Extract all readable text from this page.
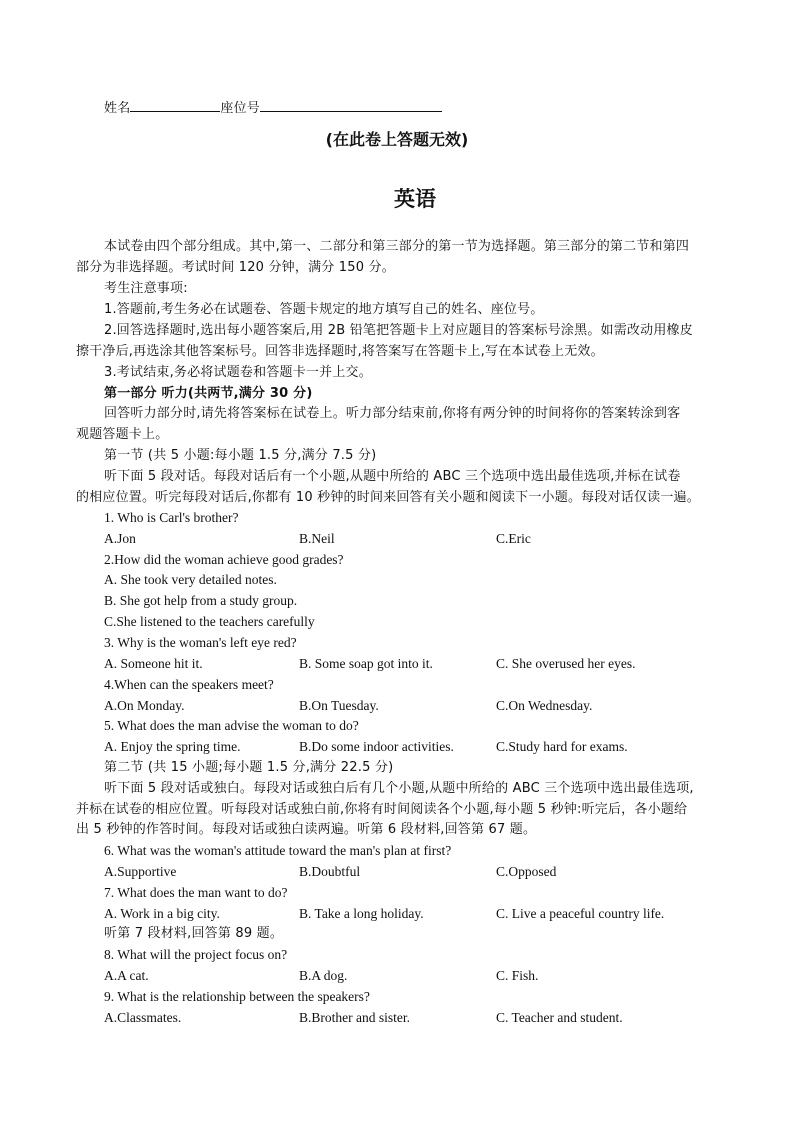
姓名	座位号
(在此卷上答题无效)
英语
本试卷由四个部分组成。其中,第一、二部分和第三部分的第一节为选择题。第三部分的第二节和第四
部分为非选择题。考试时间 120 分钟，满分 150 分。
考生注意事项:
1.答题前,考生务必在试题卷、答题卡规定的地方填写自己的姓名、座位号。
2.回答选择题时,选出每小题答案后,用 2B 铅笔把答题卡上对应题目的答案标号涂黑。如需改动用橡皮
擦干净后,再选涂其他答案标号。回答非选择题时,将答案写在答题卡上,写在本试卷上无效。
3.考试结束,务必将试题卷和答题卡一并上交。
第一部分 听力(共两节,满分 30 分)
回答听力部分时,请先将答案标在试卷上。听力部分结束前,你将有两分钟的时间将你的答案转涂到客
观题答题卡上。
第一节 (共 5 小题:每小题 1.5 分,满分 7.5 分)
听下面 5 段对话。每段对话后有一个小题,从题中所给的 ABC 三个选项中选出最佳选项,并标在试卷
的相应位置。听完每段对话后,你都有 10 秒钟的时间来回答有关小题和阅读下一小题。每段对话仅读一遍。
1. Who is Carl's brother?
A.Jon	B.Neil	C.Eric
2.How did the woman achieve good grades?
A. She took very detailed notes.
B. She got help from a study group.
C.She listened to the teachers carefully
3. Why is the woman's left eye red?
A. Someone hit it.	B. Some soap got into it.	C. She overused her eyes.
4.When can the speakers meet?
A.On Monday.	B.On Tuesday.	C.On Wednesday.
5. What does the man advise the woman to do?
A. Enjoy the spring time.	B.Do some indoor activities.	C.Study hard for exams.
第二节 (共 15 小题;每小题 1.5 分,满分 22.5 分)
听下面 5 段对话或独白。每段对话或独白后有几个小题,从题中所给的 ABC 三个选项中选出最佳选项,
并标在试卷的相应位置。听每段对话或独白前,你将有时间阅读各个小题,每小题 5 秒钟:听完后，各小题给
出 5 秒钟的作答时间。每段对话或独白读两遍。听第 6 段材料,回答第 67 题。
6. What was the woman's attitude toward the man's plan at first?
A.Supportive	B.Doubtful	C.Opposed
7. What does the man want to do?
A. Work in a big city.	B. Take a long holiday.	C. Live a peaceful country life.
听第 7 段材料,回答第 89 题。
8. What will the project focus on?
A.A cat.	B.A dog.	C. Fish.
9. What is the relationship between the speakers?
A.Classmates.	B.Brother and sister.	C. Teacher and student.
